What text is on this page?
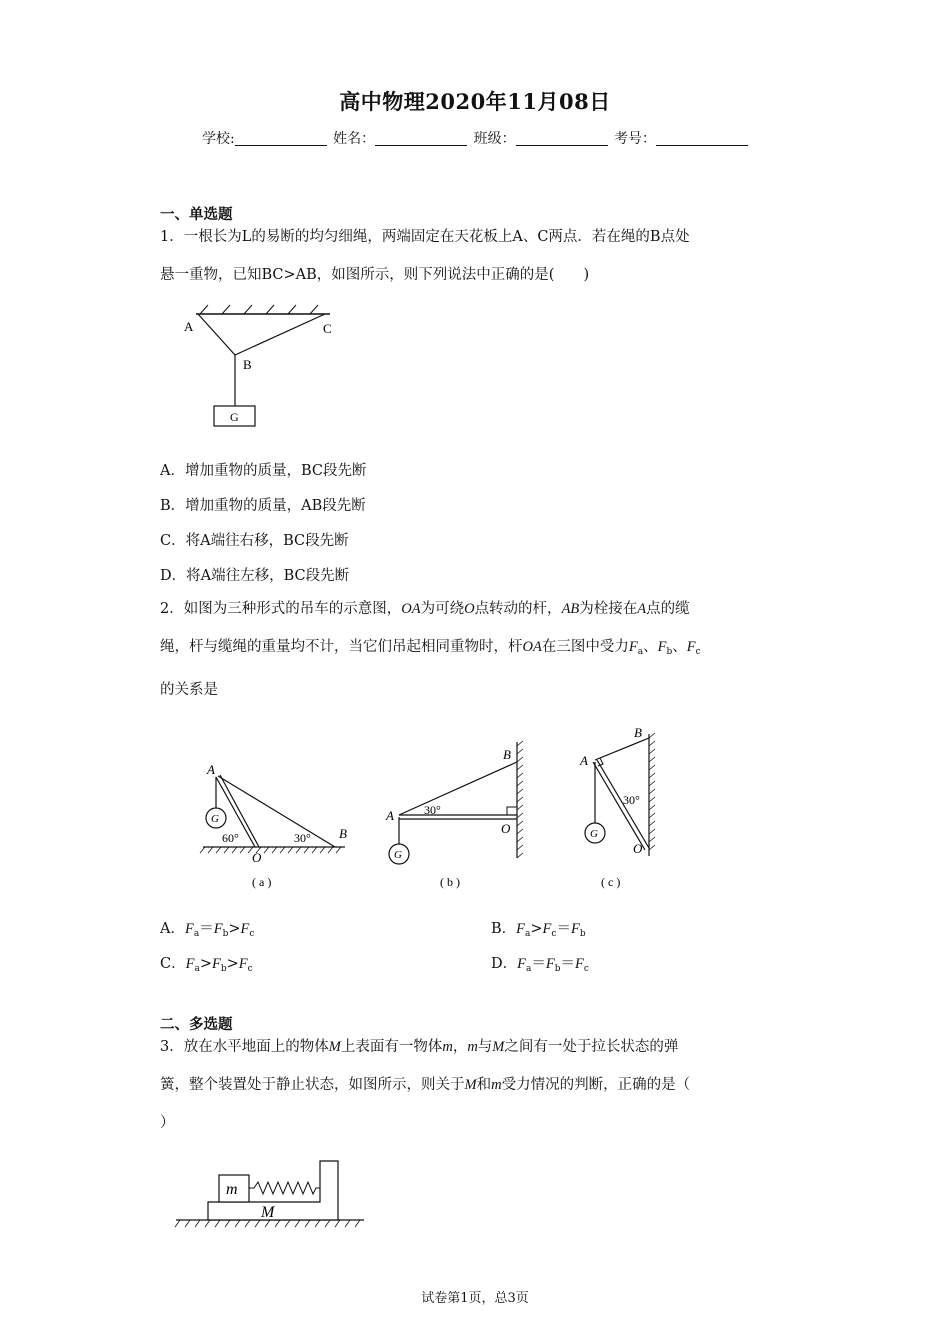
高中物理2020年11月08日
学校:	姓名：	班级：	考号：
一、单选题
1．一根长为L的易断的均匀细绳，两端固定在天花板上A、C两点．若在绳的B点处
悬一重物，已知BC>AB，如图所示，则下列说法中正确的是(　　)
A	C
B
G
A．增加重物的质量，BC段先断
B．增加重物的质量，AB段先断
C．将A端往右移，BC段先断
D．将A端往左移，BC段先断
2．如图为三种形式的吊车的示意图，OA为可绕O点转动的杆，AB为栓接在A点的缆
绳，杆与缆绳的重量均不计，当它们吊起相同重物时，杆OA在三图中受力$F_a$、$F_b$、$F_c$
的关系是
G
A
60°	30° B
O
( a )
G
A	30°
B
O
( b )
G
A
B
30°
O
( c )
A．$F_a=F_b>F_c$	B．$F_a>F_c=F_b$
C．$F_a>F_b>F_c$	D．$F_a=F_b=F_c$
二、多选题
3．放在水平地面上的物体M上表面有一物体m，m与M之间有一处于拉长状态的弹
簧，整个装置处于静止状态，如图所示，则关于M和m受力情况的判断，正确的是（
）
m
M
试卷第1页，总3页
